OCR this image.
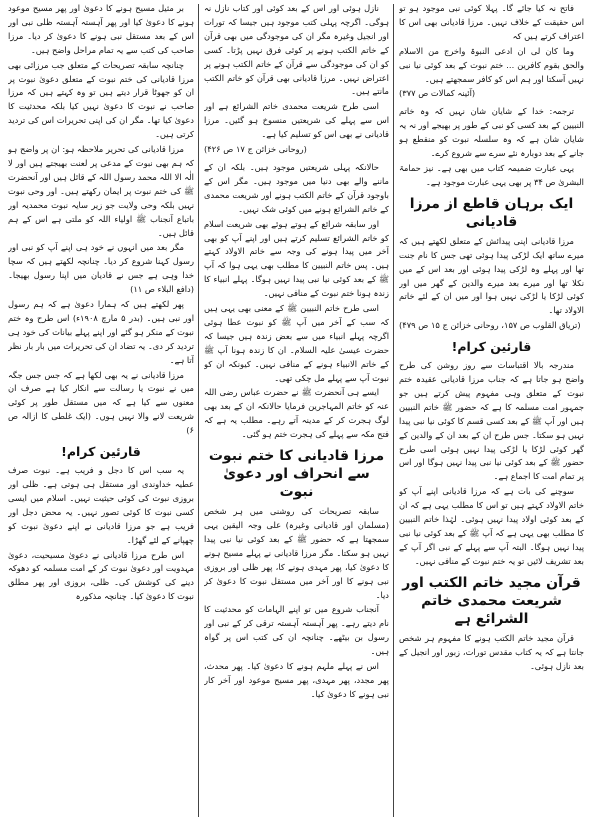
فاتح نہ کیا جائے گا۔ پہلا کوئی نبی موجود ہو تو اس حقیقت کے خلاف نہیں۔ مرزا قادیانی بھی اس کا اعتراف کرتے ہیں کہ

وما کان لی ان ادعی النبوۃ واخرج من الاسلام والحق بقوم کافرین ... ختم نبوت کے بعد کوئی نیا نبی نہیں آسکتا اور ہم اس کو کافر سمجھتے ہیں۔

(آئینہ کمالات ص ۳۷۷)

ترجمہ: خدا کے شایان شان نہیں کہ وہ خاتم النبیین کے بعد کسی کو نبی کے طور پر بھیجے اور نہ یہ شایان شان ہے کہ وہ سلسلہ نبوت کو منقطع ہو جانے کے بعد دوبارہ نئے سرے سے شروع کرے۔

یہی عبارت ضمیمہ کتاب میں بھی ہے۔ نیز حمامۃ البشریٰ ص ۳۴ پر بھی یہی عبارت موجود ہے۔

ایک برہان قاطع از مرزا قادیانی

مرزا قادیانی اپنی پیدائش کے متعلق لکھتے ہیں کہ میرے ساتھ ایک لڑکی پیدا ہوئی تھی جس کا نام جنت تھا اور پہلے وہ لڑکی پیدا ہوئی اور بعد اس کے میں نکلا تھا اور میرے بعد میرے والدین کے گھر میں اور کوئی لڑکا یا لڑکی نہیں ہوا اور میں ان کے لئے خاتم الاولاد تھا۔

(تریاق القلوب ص ۱۵۷، روحانی خزائن ج ۱۵ ص ۴۷۹)

قارئین کرام!

مندرجہ بالا اقتباسات سے روز روشن کی طرح واضح ہو جاتا ہے کہ جناب مرزا قادیانی عقیدہ ختم نبوت کے متعلق وہی مفہوم پیش کرتے ہیں جو جمہور امت مسلمہ کا ہے کہ حضور ﷺ خاتم النبیین ہیں اور آپ ﷺ کے بعد کسی قسم کا کوئی نیا نبی پیدا نہیں ہو سکتا۔ جس طرح ان کے بعد ان کے والدین کے گھر کوئی لڑکا یا لڑکی پیدا نہیں ہوئی اسی طرح حضور ﷺ کے بعد کوئی نیا نبی پیدا نہیں ہوگا اور اس پر تمام امت کا اجماع ہے۔

سوچنے کی بات ہے کہ مرزا قادیانی اپنے آپ کو خاتم الاولاد کہتے ہیں تو اس کا مطلب یہی ہے کہ ان کے بعد کوئی اولاد پیدا نہیں ہوئی۔ لہٰذا خاتم النبیین کا مطلب بھی یہی ہے کہ آپ ﷺ کے بعد کوئی نیا نبی پیدا نہیں ہوگا۔ البتہ آپ سے پہلے کے نبی اگر آپ کے بعد تشریف لائیں تو یہ ختم نبوت کے منافی نہیں۔

قرآن مجید خاتم الکتب اور شریعت محمدی خاتم الشرائع ہے

قرآن مجید خاتم الکتب ہونے کا مفہوم ہر شخص جانتا ہے کہ یہ کتاب مقدس تورات، زبور اور انجیل کے بعد نازل ہوئی۔

نازل ہوئی اور اس کے بعد کوئی اور کتاب نازل نہ ہوگی۔ اگرچہ پہلی کتب موجود ہیں جیسا کہ تورات اور انجیل وغیرہ مگر ان کی موجودگی میں بھی قرآن کے خاتم الکتب ہونے پر کوئی فرق نہیں پڑتا۔ کسی کو ان کی موجودگی سے قرآن کے خاتم الکتب ہونے پر اعتراض نہیں۔ مرزا قادیانی بھی قرآن کو خاتم الکتب مانتے ہیں۔

اسی طرح شریعت محمدی خاتم الشرائع ہے اور اس سے پہلے کی شریعتیں منسوخ ہو گئیں۔ مرزا قادیانی نے بھی اس کو تسلیم کیا ہے۔

(روحانی خزائن ج ۱۷ ص ۴۲۶)

حالانکہ پہلی شریعتیں موجود ہیں۔ بلکہ ان کے ماننے والے بھی دنیا میں موجود ہیں۔ مگر اس کے باوجود قرآن کے خاتم الکتب ہونے اور شریعت محمدی کے خاتم الشرائع ہونے میں کوئی شک نہیں۔

اور سابقہ شرائع کے ہوتے ہوئے بھی شریعت اسلام کو خاتم الشرائع تسلیم کرتے ہیں اور اپنے آپ کو بھی آخر میں پیدا ہونے کی وجہ سے خاتم الاولاد کہتے ہیں۔ پس خاتم النبیین کا مطلب بھی یہی ہوا کہ آپ ﷺ کے بعد کوئی نیا نبی پیدا نہیں ہوگا۔ پہلے انبیاء کا زندہ ہونا ختم نبوت کے منافی نہیں۔

اسی طرح خاتم النبیین ﷺ کے معنی بھی یہی ہیں کہ سب کے آخر میں آپ ﷺ کو نبوت عطا ہوئی اگرچہ پہلے انبیاء میں سے بعض زندہ ہیں جیسا کہ حضرت عیسیٰ علیہ السلام۔ ان کا زندہ ہونا آپ ﷺ کے خاتم الانبیاء ہونے کے منافی نہیں۔ کیونکہ ان کو نبوت آپ سے پہلے مل چکی تھی۔

ایسے ہی آنحضرت ﷺ نے حضرت عباس رضی اللہ عنہ کو خاتم المہاجرین فرمایا حالانکہ ان کے بعد بھی لوگ ہجرت کر کے مدینہ آتے رہے۔ مطلب یہ ہے کہ فتح مکہ سے پہلے کی ہجرت ختم ہو گئی۔

مرزا قادیانی کا ختم نبوت سے انحراف اور دعویٰ نبوت

سابقہ تصریحات کی روشنی میں ہر شخص (مسلمان اور قادیانی وغیرہ) علی وجہ الیقین یہی سمجھتا ہے کہ حضور ﷺ کے بعد کوئی نیا نبی پیدا نہیں ہو سکتا۔ مگر مرزا قادیانی نے پہلے مسیح ہونے کا دعویٰ کیا، پھر مہدی ہونے کا، پھر ظلی اور بروزی نبی ہونے کا اور آخر میں مستقل نبوت کا دعویٰ کر دیا۔

آنجناب شروع میں تو اپنے الہامات کو محدثیت کا نام دیتے رہے۔ پھر آہستہ آہستہ ترقی کر کے نبی اور رسول بن بیٹھے۔ چنانچہ ان کی کتب اس پر گواہ ہیں۔

اس نے پہلے ملہم ہونے کا دعویٰ کیا۔ پھر محدث، پھر مجدد، پھر مہدی، پھر مسیح موعود اور آخر کار نبی ہونے کا دعویٰ کیا۔

بر مثیل مسیح ہونے کا دعویٰ اور پھر مسیح موعود ہونے کا دعویٰ کیا اور پھر آہستہ آہستہ ظلی نبی اور اس کے بعد مستقل نبی ہونے کا دعویٰ کر دیا۔ مرزا صاحب کی کتب سے یہ تمام مراحل واضح ہیں۔

چنانچہ سابقہ تصریحات کے متعلق جب مرزائی بھی مرزا قادیانی کی ختم نبوت کے متعلق دعویٰ نبوت پر ان کو جھوٹا قرار دیتے ہیں تو وہ کہتے ہیں کہ مرزا صاحب نے نبوت کا دعویٰ نہیں کیا بلکہ محدثیت کا دعویٰ کیا تھا۔ مگر ان کی اپنی تحریرات اس کی تردید کرتی ہیں۔

مرزا قادیانی کی تحریر ملاحظہ ہو: ان پر واضح ہو کہ ہم بھی نبوت کے مدعی پر لعنت بھیجتے ہیں اور لا الٰہ الا اللہ محمد رسول اللہ کے قائل ہیں اور آنحضرت ﷺ کی ختم نبوت پر ایمان رکھتے ہیں۔ اور وحی نبوت نہیں بلکہ وحی ولایت جو زیر سایہ نبوت محمدیہ اور باتباع آنجناب ﷺ اولیاء اللہ کو ملتی ہے اس کے ہم قائل ہیں۔

مگر بعد میں انہوں نے خود ہی اپنے آپ کو نبی اور رسول کہنا شروع کر دیا۔ چنانچہ لکھتے ہیں کہ سچا خدا وہی ہے جس نے قادیان میں اپنا رسول بھیجا۔ (دافع البلاء ص ۱۱)

پھر لکھتے ہیں کہ ہمارا دعویٰ ہے کہ ہم رسول اور نبی ہیں۔ (بدر ۵ مارچ ۱۹۰۸ء) اس طرح وہ ختم نبوت کے منکر ہو گئے اور اپنے پہلے بیانات کی خود ہی تردید کر دی۔ یہ تضاد ان کی تحریرات میں بار بار نظر آتا ہے۔

مرزا قادیانی نے یہ بھی لکھا ہے کہ جس جس جگہ میں نے نبوت یا رسالت سے انکار کیا ہے صرف ان معنوں سے کیا ہے کہ میں مستقل طور پر کوئی شریعت لانے والا نہیں ہوں۔ (ایک غلطی کا ازالہ ص ۶)

قارئین کرام!

یہ سب اس کا دجل و فریب ہے۔ نبوت صرف عطیہ خداوندی اور مستقل ہی ہوتی ہے۔ ظلی اور بروزی نبوت کی کوئی حیثیت نہیں۔ اسلام میں ایسی کسی نبوت کا کوئی تصور نہیں۔ یہ محض دجل اور فریب ہے جو مرزا قادیانی نے اپنے دعویٰ نبوت کو چھپانے کے لئے گھڑا۔

اس طرح مرزا قادیانی نے دعویٰ مسیحیت، دعویٰ مہدویت اور دعویٰ نبوت کر کے امت مسلمہ کو دھوکہ دینے کی کوشش کی۔ ظلی، بروزی اور پھر مطلق نبوت کا دعویٰ کیا۔ چنانچہ مذکورہ
